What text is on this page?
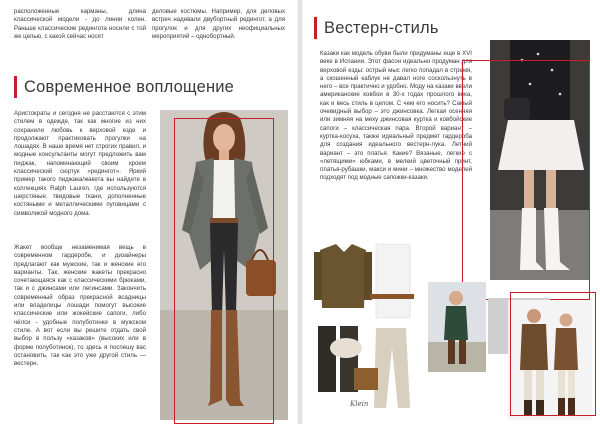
расположенные карманы, длина классической модели - до линии колен. Раньше классические редингота носили с той же целью, с какой сейчас носят

деловые костюмы. Например, для деловых встреч надевали двубортный редингот, а для прогулок и для других неофициальных мероприятий – однобортный.

Современное воплощение

Аристократы и сегодня не расстаются с этим стилем в одежде, так как многие из них сохранили любовь к верховой езде и продолжают практиковать прогулки на лошадях. В наше время нет строгих правил, и модные консультанты могут предложить вам пиджак, напоминающий своим кроем классический сюртук «редингот». Яркий пример такого пиджака/жакета вы найдете в коллекциях Ralph Lauren, где используются шерстяные, твидовые ткани, дополненные костяными и металлическими пуговицами с символикой модного дома.

Жакет вообще незаменимая вещь в современном гардеробе, и дизайнеры предлагают как мужские, так и женские его варианты. Так, женские жакеты прекрасно сочетающаяся как с классическими брюками, так и с джинсами или легинсами. Закончить современный образ прекрасной всадницы или владелицы лошади помогут высокие классические или жокейские сапоги, либо чёлси - удобные полуботинки в мужском стиле. А вот если вы решите отдать свой выбор в пользу «казаков» (высоких или в форме полуботинок), то здесь я поспешу вас остановить, так как это уже другой стиль — вестерн.

Вестерн-стиль

Казаки как модель обуви были придуманы еще в XVI веке в Испании. Этот фасон идеально продуман для верховой езды: острый мыс легко попадал в стремя, а скошенный каблук не давал ноге соскользнуть в него – все практично и удобно. Моду на казаки ввели американские ковбои в 30-х годах прошлого века, как и весь стиль в целом. С чем его носить? Самый очевидный выбор – это джинсовка. Легкая осенняя или зимняя на меху джинсовая куртка и ковбойские сапоги – классическая пара. Второй вариант – куртка-косуха, также идеальный предмет гардероба для создания идеального вестерн-лука. Летний вариант – это платья. Какие? Вязаные, легкие с «летящими» юбками, в мелкий цветочный принт, платья-рубашки, макси и мини – множество моделей подходят под модные сапожки-казаки.

Klein
